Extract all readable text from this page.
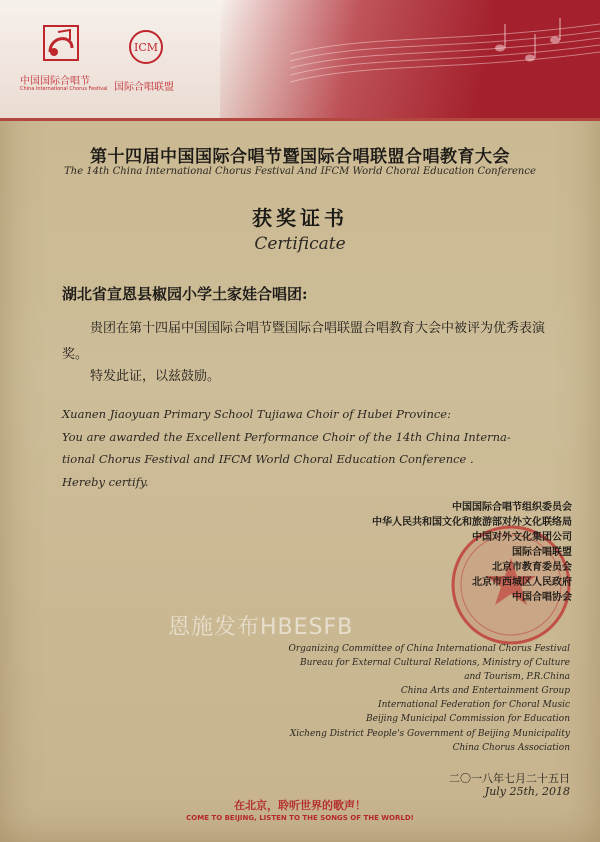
中国国际合唱节
China International Chorus Festival
ICM
国际合唱联盟
第十四届中国国际合唱节暨国际合唱联盟合唱教育大会
The 14th China International Chorus Festival And IFCM World Choral Education Conference
获奖证书
Certificate
湖北省宣恩县椒园小学土家娃合唱团:
贵团在第十四届中国国际合唱节暨国际合唱联盟合唱教育大会中被评为优秀表演奖。
特发此证，以兹鼓励。
Xuanen Jiaoyuan Primary School Tujiawa Choir of Hubei Province:
You are awarded the Excellent Performance Choir of the 14th China Interna-
tional Chorus Festival and IFCM World Choral Education Conference .
Hereby certify.
中国国际合唱节组织委员会
中华人民共和国文化和旅游部对外文化联络局
中国对外文化集团公司
国际合唱联盟
北京市教育委员会
北京市西城区人民政府
中国合唱协会
恩施发布HBESFB
Organizing Committee of China International Chorus Festival
Bureau for External Cultural Relations, Ministry of Culture
and Tourism, P.R.China
China Arts and Entertainment Group
International Federation for Choral Music
Beijing Municipal Commission for Education
Xicheng District People's Government of Beijing Municipality
China Chorus Association
二〇一八年七月二十五日
July 25th, 2018
在北京，聆听世界的歌声！
COME TO BEIJING, LISTEN TO THE SONGS OF THE WORLD!
